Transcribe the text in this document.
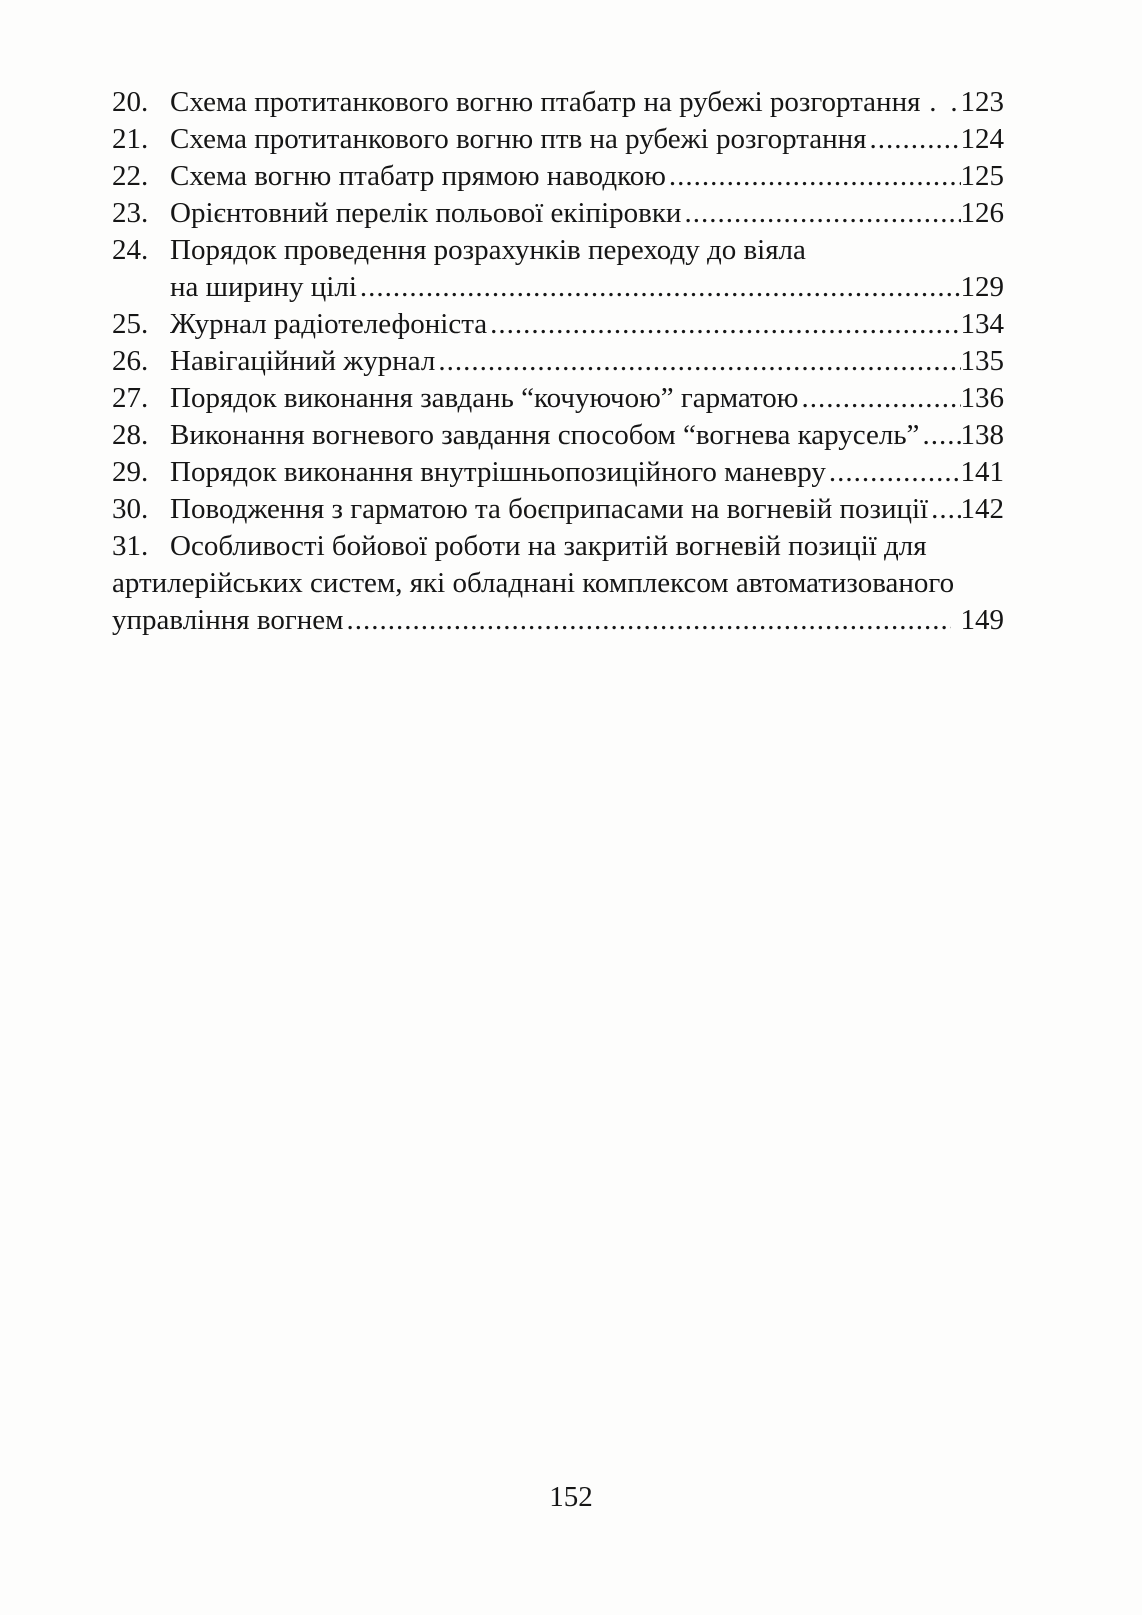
20. Схема протитанкового вогню птабатр на рубежі розгортання ..... 123
21. Схема протитанкового вогню птв на рубежі розгортання .....	124
22. Схема вогню птабатр прямою наводкою .....	125
23. Орієнтовний перелік польової екіпіровки .....	126
24. Порядок проведення розрахунків переходу до віяла
на ширину цілі .....	129
25. Журнал радіотелефоніста .....	134
26. Навігаційний журнал .....	135
27. Порядок виконання завдань “кочуючою” гарматою .....	136
28. Виконання вогневого завдання способом “вогнева карусель” ..... 138
29. Порядок виконання внутрішньопозиційного маневру .....	141
30. Поводження з гарматою та боєприпасами на вогневій позиції ..... 142
31. Особливості бойової роботи на закритій вогневій позиції для
артилерійських систем, які обладнані комплексом автоматизованого
управління вогнем .....	149
152
